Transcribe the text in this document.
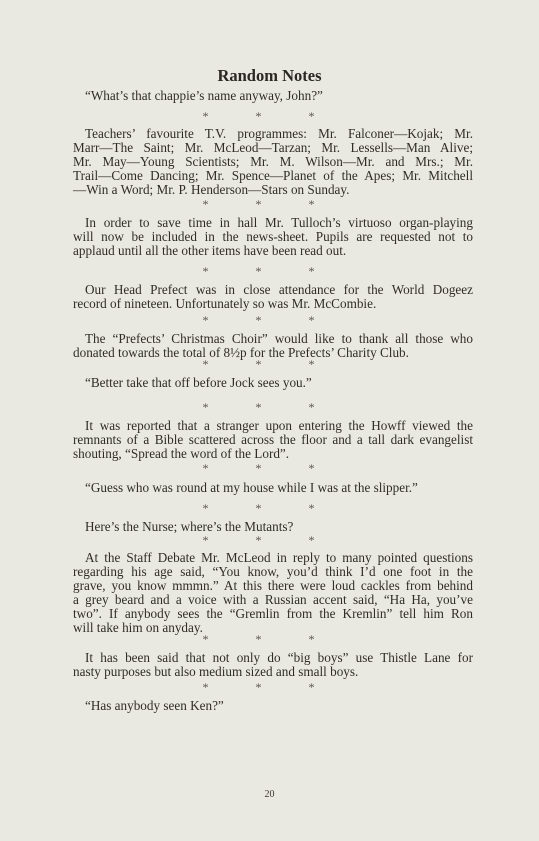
Random Notes
“What’s that chappie’s name anyway, John?”
Teachers’ favourite T.V. programmes: Mr. Falconer—Kojak; Mr.
Marr—The Saint; Mr. McLeod—Tarzan; Mr. Lessells—Man Alive;
Mr. May—Young Scientists; Mr. M. Wilson—Mr. and Mrs.; Mr.
Trail—Come Dancing; Mr. Spence—Planet of the Apes; Mr. Mitchell
—Win a Word; Mr. P. Henderson—Stars on Sunday.
In order to save time in hall Mr. Tulloch’s virtuoso organ-playing
will now be included in the news-sheet. Pupils are requested not to
applaud until all the other items have been read out.
Our Head Prefect was in close attendance for the World Dogeez
record of nineteen. Unfortunately so was Mr. McCombie.
The “Prefects’ Christmas Choir” would like to thank all those who
donated towards the total of 8½p for the Prefects’ Charity Club.
“Better take that off before Jock sees you.”
It was reported that a stranger upon entering the Howff viewed the
remnants of a Bible scattered across the floor and a tall dark evangelist
shouting, “Spread the word of the Lord”.
“Guess who was round at my house while I was at the slipper.”
Here’s the Nurse; where’s the Mutants?
At the Staff Debate Mr. McLeod in reply to many pointed questions
regarding his age said, “You know, you’d think I’d one foot in the
grave, you know mmmn.” At this there were loud cackles from behind
a grey beard and a voice with a Russian accent said, “Ha Ha, you’ve
two”. If anybody sees the “Gremlin from the Kremlin” tell him Ron
will take him on anyday.
It has been said that not only do “big boys” use Thistle Lane for
nasty purposes but also medium sized and small boys.
“Has anybody seen Ken?”
* * *
* * *
* * *
* * *
* * *
* * *
* * *
* * *
* * *
* * *
* * *
20
